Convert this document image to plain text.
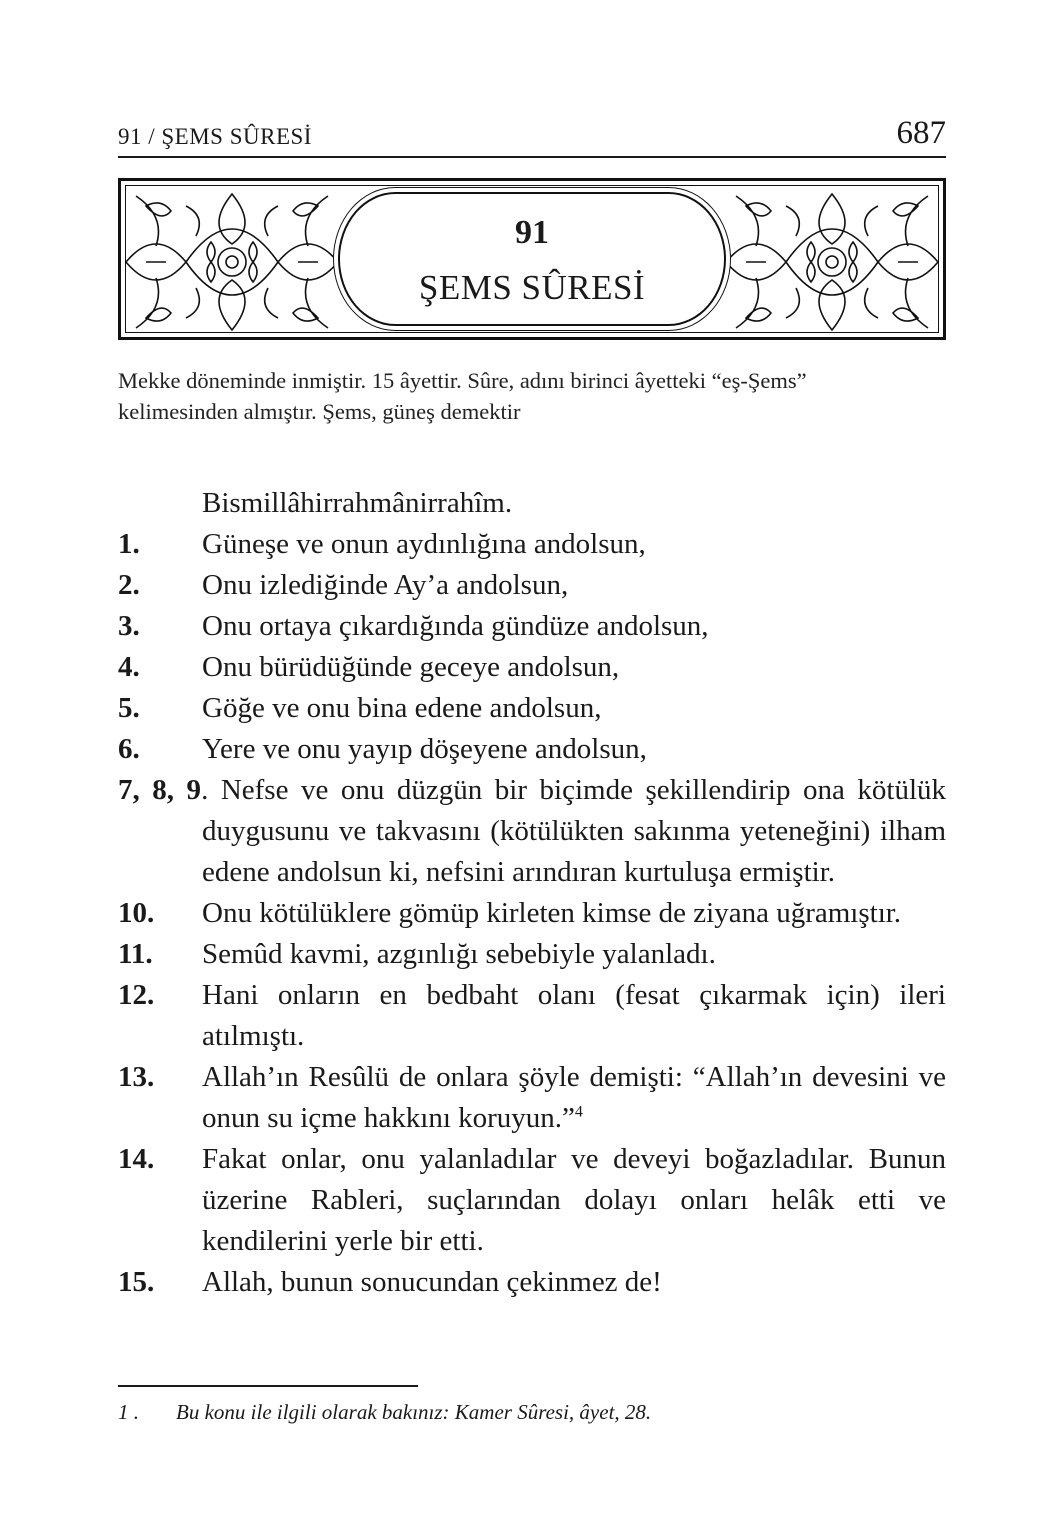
91 / ŞEMS SÛRESİ	687
91
ŞEMS SÛRESİ
Mekke döneminde inmiştir. 15 âyettir. Sûre, adını birinci âyetteki “eş-Şems”
kelimesinden almıştır. Şems, güneş demektir
Bismillâhirrahmânirrahîm.
1. Güneşe ve onun aydınlığına andolsun,
2. Onu izlediğinde Ay’a andolsun,
3. Onu ortaya çıkardığında gündüze andolsun,
4. Onu bürüdüğünde geceye andolsun,
5. Göğe ve onu bina edene andolsun,
6. Yere ve onu yayıp döşeyene andolsun,
7, 8, 9. Nefse ve onu düzgün bir biçimde şekillendirip ona kötülük duygusunu ve takvasını (kötülükten sakınma yeteneğini) ilham edene andolsun ki, nefsini arındıran kurtuluşa ermiştir.
10. Onu kötülüklere gömüp kirleten kimse de ziyana uğramıştır.
11. Semûd kavmi, azgınlığı sebebiyle yalanladı.
12. Hani onların en bedbaht olanı (fesat çıkarmak için) ileri atılmıştı.
13. Allah’ın Resûlü de onlara şöyle demişti: “Allah’ın devesini ve onun su içme hakkını koruyun.”$^4$
14. Fakat onlar, onu yalanladılar ve deveyi boğazladılar. Bunun üzerine Rableri, suçlarından dolayı onları helâk etti ve kendilerini yerle bir etti.
15. Allah, bunun sonucundan çekinmez de!
1 . Bu konu ile ilgili olarak bakınız: Kamer Sûresi, âyet, 28.
